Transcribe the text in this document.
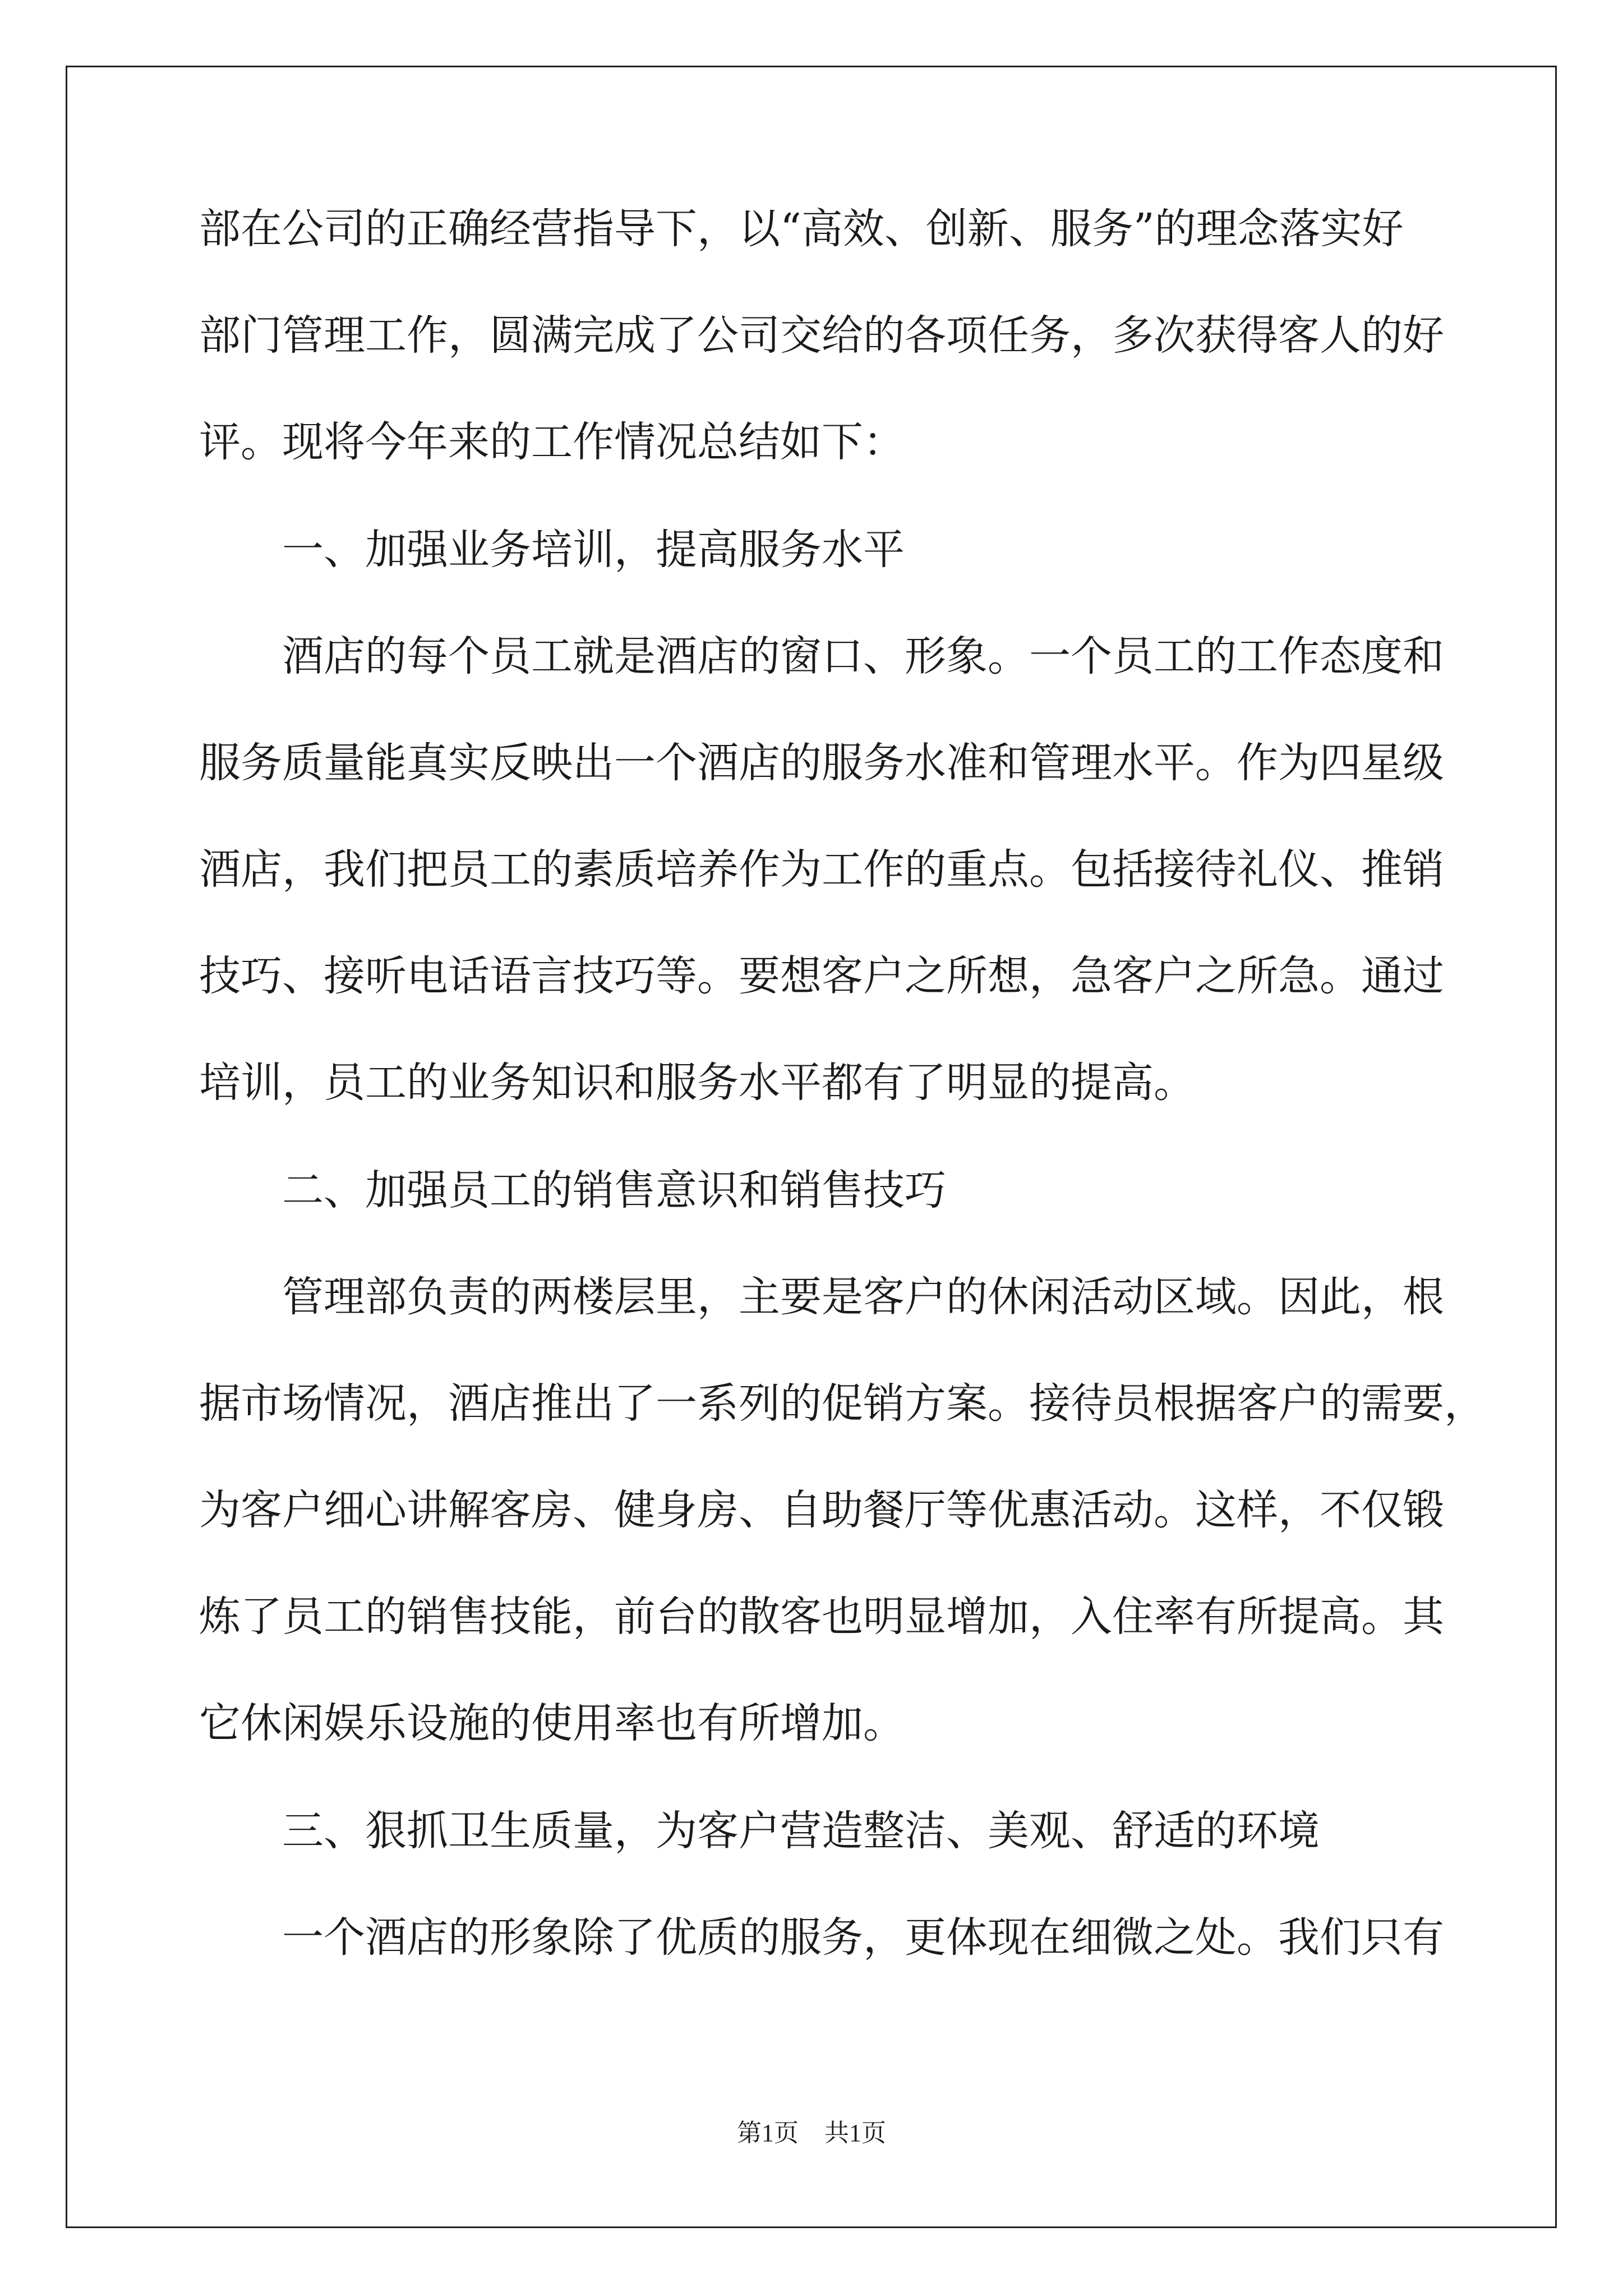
部在公司的正确经营指导下，以“高效、创新、服务”的理念落实好
部门管理工作，圆满完成了公司交给的各项任务，多次获得客人的好
评。现将今年来的工作情况总结如下：
一、加强业务培训，提高服务水平
酒店的每个员工就是酒店的窗口、形象。一个员工的工作态度和
服务质量能真实反映出一个酒店的服务水准和管理水平。作为四星级
酒店，我们把员工的素质培养作为工作的重点。包括接待礼仪、推销
技巧、接听电话语言技巧等。要想客户之所想，急客户之所急。通过
培训，员工的业务知识和服务水平都有了明显的提高。
二、加强员工的销售意识和销售技巧
管理部负责的两楼层里，主要是客户的休闲活动区域。因此，根
据市场情况，酒店推出了一系列的促销方案。接待员根据客户的需要，
为客户细心讲解客房、健身房、自助餐厅等优惠活动。这样，不仅锻
炼了员工的销售技能，前台的散客也明显增加，入住率有所提高。其
它休闲娱乐设施的使用率也有所增加。
三、狠抓卫生质量，为客户营造整洁、美观、舒适的环境
一个酒店的形象除了优质的服务，更体现在细微之处。我们只有
第1页 共1页
